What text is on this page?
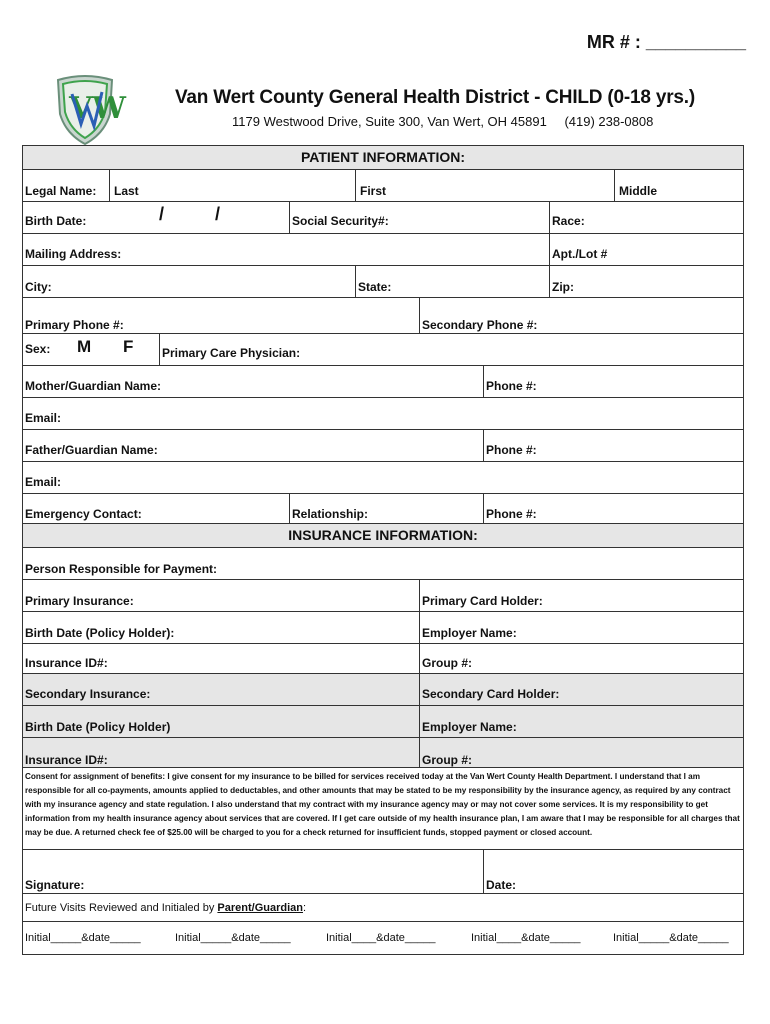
MR # : __________
VW	Van Wert County General Health District - CHILD (0-18 yrs.)
1179 Westwood Drive, Suite 300, Van Wert, OH 45891 (419) 238-0808
PATIENT INFORMATION:
Legal Name: Last	First	Middle
Birth Date:	/	/	Social Security#:	Race:
Mailing Address:	Apt./Lot #
City:	State:	Zip:
Primary Phone #:	Secondary Phone #:
Sex: M F Primary Care Physician:
Mother/Guardian Name:	Phone #:
Email:
Father/Guardian Name:	Phone #:
Email:
Emergency Contact:	Relationship:	Phone #:
INSURANCE INFORMATION:
Person Responsible for Payment:
Primary Insurance:	Primary Card Holder:
Birth Date (Policy Holder):	Employer Name:
Insurance ID#:	Group #:
Secondary Insurance:	Secondary Card Holder:
Birth Date (Policy Holder)	Employer Name:
Insurance ID#:	Group #:
Consent for assignment of benefits: I give consent for my insurance to be billed for services received today at the Van Wert County Health Department. I understand that I am responsible for all co-payments, amounts applied to deductables, and other amounts that may be stated to be my responsibility by the insurance agency, as required by any contract with my insurance agency and state regulation. I also understand that my contract with my insurance agency may or may not cover some services. It is my responsibility to get information from my health insurance agency about services that are covered. If I get care outside of my health insurance plan, I am aware that I may be responsible for all charges that may be due. A returned check fee of $25.00 will be charged to you for a check returned for insufficient funds, stopped payment or closed account.
Signature:	Date:
Future Visits Reviewed and Initialed by Parent/Guardian:
Initial_____&date_____	Initial_____&date_____	Initial____&date_____	Initial____&date_____	Initial_____&date_____
